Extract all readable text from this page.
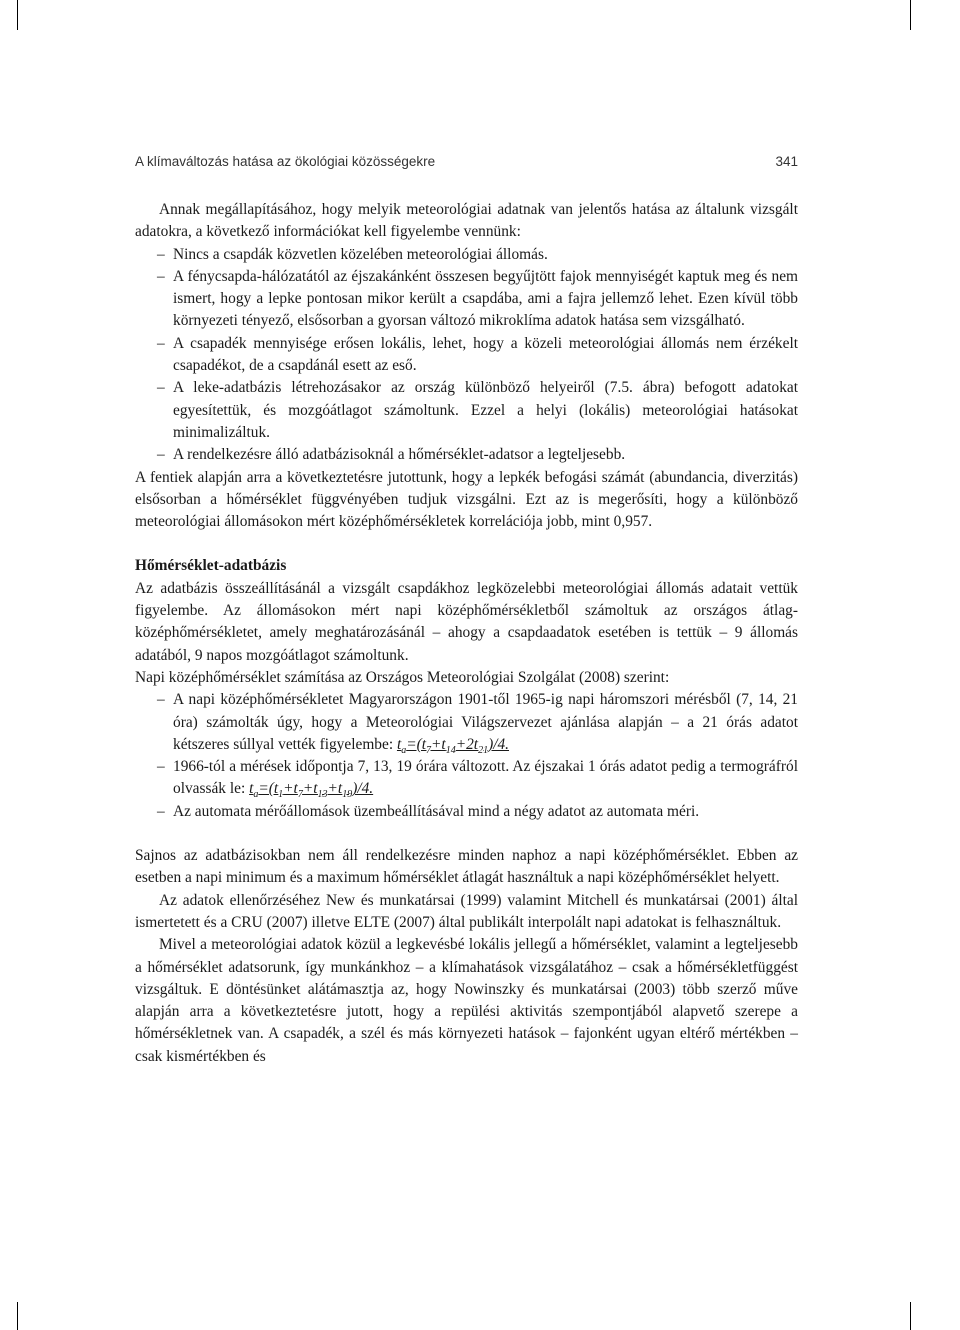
A klímaváltozás hatása az ökológiai közösségekre	341

Annak megállapításához, hogy melyik meteorológiai adatnak van jelentős hatása az általunk vizsgált adatokra, a következő információkat kell figyelembe vennünk:

– Nincs a csapdák közvetlen közelében meteorológiai állomás.
– A fénycsapda-hálózatától az éjszakánként összesen begyűjtött fajok mennyiségét kaptuk meg és nem ismert, hogy a lepke pontosan mikor került a csapdába, ami a fajra jellemző lehet. Ezen kívül több környezeti tényező, elsősorban a gyorsan változó mikroklíma adatok hatása sem vizsgálható.
– A csapadék mennyisége erősen lokális, lehet, hogy a közeli meteorológiai állomás nem érzékelt csapadékot, de a csapdánál esett az eső.
– A leke-adatbázis létrehozásakor az ország különböző helyeiről (7.5. ábra) befogott adatokat egyesítettük, és mozgóátlagot számoltunk. Ezzel a helyi (lokális) meteorológiai hatásokat minimalizáltuk.
– A rendelkezésre álló adatbázisoknál a hőmérséklet-adatsor a legteljesebb.

A fentiek alapján arra a következtetésre jutottunk, hogy a lepkék befogási számát (abundancia, diverzitás) elsősorban a hőmérséklet függvényében tudjuk vizsgálni. Ezt az is megerősíti, hogy a különböző meteorológiai állomásokon mért középhőmérsékletek korrelációja jobb, mint 0,957.

Hőmérséklet-adatbázis

Az adatbázis összeállításánál a vizsgált csapdákhoz legközelebbi meteorológiai állomás adatait vettük figyelembe. Az állomásokon mért napi középhőmérsékletből számoltuk az országos átlag-középhőmérsékletet, amely meghatározásánál – ahogy a csapdaadatok esetében is tettük – 9 állomás adatából, 9 napos mozgóátlagot számoltunk.

Napi középhőmérséklet számítása az Országos Meteorológiai Szolgálat (2008) szerint:

– A napi középhőmérsékletet Magyarországon 1901-től 1965-ig napi háromszori mérésből (7, 14, 21 óra) számolták úgy, hogy a Meteorológiai Világszervezet ajánlása alapján – a 21 órás adatot kétszeres súllyal vették figyelembe: $t_a=(t_7+t_{14}+2t_{21})/4$.
– 1966-tól a mérések időpontja 7, 13, 19 órára változott. Az éjszakai 1 órás adatot pedig a termográfról olvassák le: $t_a=(t_1+t_7+t_{13}+t_{19})/4$.
– Az automata mérőállomások üzembeállításával mind a négy adatot az automata méri.

Sajnos az adatbázisokban nem áll rendelkezésre minden naphoz a napi középhőmérséklet. Ebben az esetben a napi minimum és a maximum hőmérséklet átlagát használtuk a napi középhőmérséklet helyett.

Az adatok ellenőrzéséhez New és munkatársai (1999) valamint Mitchell és munkatársai (2001) által ismertetett és a CRU (2007) illetve ELTE (2007) által publikált interpolált napi adatokat is felhasználtuk.

Mivel a meteorológiai adatok közül a legkevésbé lokális jellegű a hőmérséklet, valamint a legteljesebb a hőmérséklet adatsorunk, így munkánkhoz – a klímahatások vizsgálatához – csak a hőmérsékletfüggést vizsgáltuk. E döntésünket alátámasztja az, hogy Nowinszky és munkatársai (2003) több szerző műve alapján arra a következtetésre jutott, hogy a repülési aktivitás szempontjából alapvető szerepe a hőmérsékletnek van. A csapadék, a szél és más környezeti hatások – fajonként ugyan eltérő mértékben – csak kismértékben és
